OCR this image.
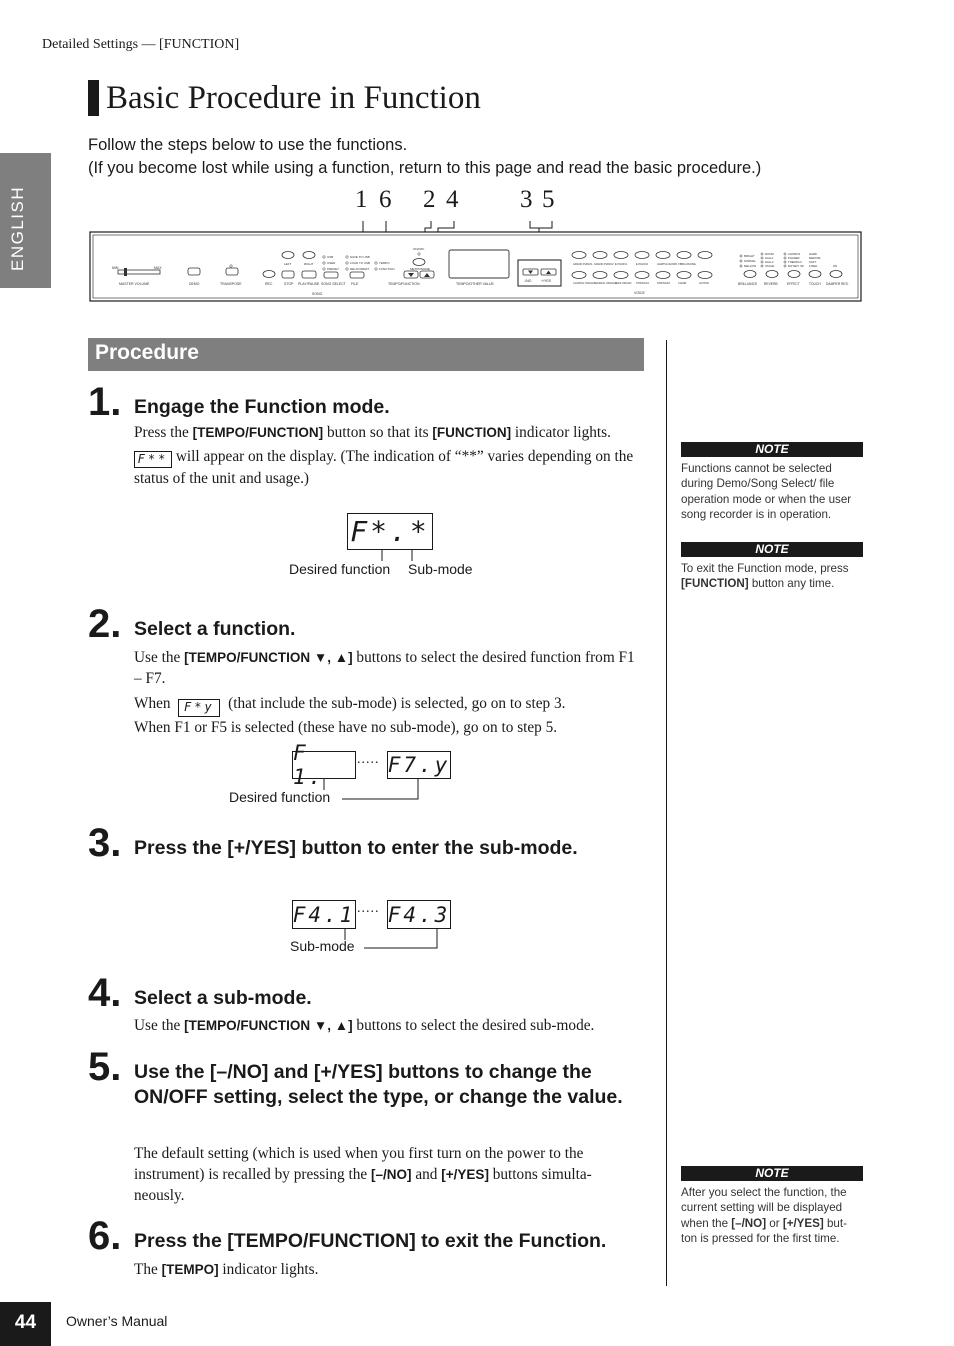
Detailed Settings — [FUNCTION]
Basic Procedure in Function
Follow the steps below to use the functions.
(If you become lost while using a function, return to this page and read the basic procedure.)
ENGLISH	1 6 2 4 3 5
MIN	MAX
MASTER VOLUME	DEMO	TRANSPOSE	REC
LEFT	RIGHT
STOP PLAY/PAUSE
SONG
USB
USER
PRESET
SAVE TO USB
LOAD TO USB
DEL/FORMAT
SONG SELECT FILE
TEMPO
FUNCTION
ON/OFF
METRONOME
TEMPO/FUNCTION	TEMPO/OTHER VALUE
-/NO	+/YES
GRAND PIANO1 GRAND PIANO2 E.PIANO1	E.PIANO2	HARPSI-CHORD VIBRA-PHONE
CHURCH ORGAN1
CHURCH ORGAN2
JAZZ ORGAN STRINGS1	STRINGS2	CHOIR	GUITAR
VOICE
BRIGHT
NORMAL
MELLOW
ROOM
HALL1
HALL2
STAGE
CHORUS
PHASER
TREMOLO
ROTARY SP
HARD
MEDIUM
SOFT
FIXED	ON
BRILLIANCE REVERB	EFFECT	TOUCH DAMPER RES.
Procedure
1. Engage the Function mode.
Press the [TEMPO/FUNCTION] button so that its [FUNCTION] indicator lights.
F** will appear on the display. (The indication of “**” varies depending on the status of the unit and usage.)
F*.*
Desired function Sub-mode
2. Select a function.
Use the [TEMPO/FUNCTION ▼, ▲] buttons to select the desired function from F1 – F7.
When F*y (that include the sub-mode) is selected, go on to step 3.
When F1 or F5 is selected (these have no sub-mode), go on to step 5.
F 1.
..... F7.y
Desired function
3. Press the [+/YES] button to enter the sub-mode.
F4.1 ..... F4.3
Sub-mode
4. Select a sub-mode.
Use the [TEMPO/FUNCTION ▼, ▲] buttons to select the desired sub-mode.
5. Use the [–/NO] and [+/YES] buttons to change the ON/OFF setting, select the type, or change the value.
The default setting (which is used when you first turn on the power to the instrument) is recalled by pressing the [–/NO] and [+/YES] buttons simulta-neously.
6. Press the [TEMPO/FUNCTION] to exit the Function.
The [TEMPO] indicator lights.
NOTE
Functions cannot be selected during Demo/Song Select/ file operation mode or when the user song recorder is in operation.
NOTE
To exit the Function mode, press [FUNCTION] button any time.
NOTE
After you select the function, the current setting will be displayed when the [–/NO] or [+/YES] but-ton is pressed for the first time.
44	Owner’s Manual
